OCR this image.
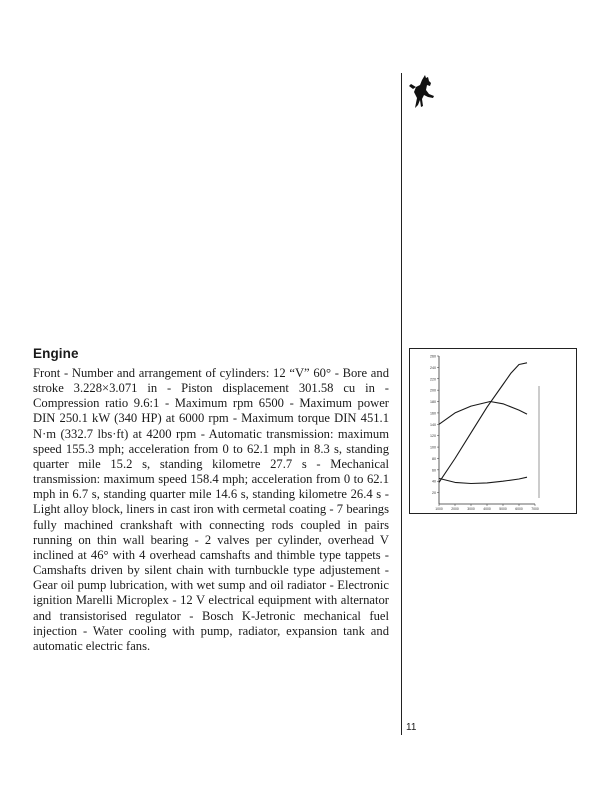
Engine
Front - Number and arrangement of cylinders: 12 “V” 60° - Bore and stroke 3.228×3.071 in - Piston displacement 301.58 cu in - Compression ratio 9.6:1 - Maximum rpm 6500 - Maximum power DIN 250.1 kW (340 HP) at 6000 rpm - Maximum torque DIN 451.1 N·m (332.7 lbs·ft) at 4200 rpm - Automatic transmission: maximum speed 155.3 mph; acceleration from 0 to 62.1 mph in 8.3 s, standing quarter mile 15.2 s, standing kilometre 27.7 s - Mechanical transmission: maximum speed 158.4 mph; acceleration from 0 to 62.1 mph in 6.7 s, standing quarter mile 14.6 s, standing kilometre 26.4 s - Light alloy block, liners in cast iron with cermetal coating - 7 bearings fully machined crankshaft with connecting rods coupled in pairs running on thin wall bearing - 2 valves per cylinder, overhead V inclined at 46° with 4 overhead camshafts and thimble type tappets - Camshafts driven by silent chain with turnbuckle type adjustement - Gear oil pump lubrication, with wet sump and oil radiator - Electronic ignition Marelli Microplex - 12 V electrical equipment with alternator and transistorised regulator - Bosch K-Jetronic mechanical fuel injection - Water cooling with pump, radiator, expansion tank and automatic electric fans.
260
240
220
200
180
160
140
120
100
80
60
40
20
1000 2000 3000 4000 5000 6000 7000
11
